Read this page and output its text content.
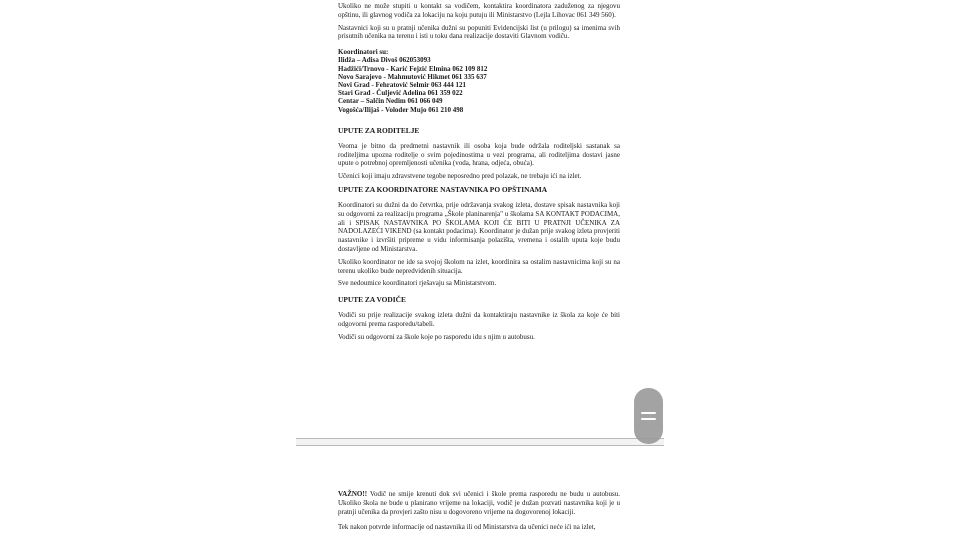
Ukoliko ne može stupiti u kontakt sa vodičem, kontaktira koordinatora zaduženog za njegovu opštinu, ili glavnog vodiča za lokaciju na koju putuju ili Ministarstvo (Lejla Lihovac 061 349 560).

Nastavnici koji su u pratnji učenika dužni su popuniti Evidencijski list (u prilogu) sa imenima svih prisutnih učenika na terenu i isti u toku dana realizacije dostaviti Glavnom vodiču.

Koordinatori su:

Ilidža – Adisa Divoš 062053093

Hadžići/Trnovo - Karić Fejzić Elmina 062 109 812

Novo Sarajevo - Mahmutović Hikmet 061 335 637

Novi Grad - Fehratović Selmir 063 444 121

Stari Grad - Čuljević Adelina 061 359 022

Centar – Salčin Nedim 061 066 049

Vogošća/Ilijaš - Voloder Mujo 061 210 498

UPUTE ZA RODITELJE

Veoma je bitno da predmetni nastavnik ili osoba koja bude održala roditeljski sastanak sa roditeljima upozna roditelje o svim pojedinostima u vezi programa, ali roditeljima dostavi jasne upute o potrebnoj opremljenosti učenika (voda, hrana, odjeća, obuća).

Učenici koji imaju zdravstvene tegobe neposredno pred polazak, ne trebaju ići na izlet.

UPUTE ZA KOORDINATORE NASTAVNIKA PO OPŠTINAMA

Koordinatori su dužni da do četvrtka, prije održavanja svakog izleta, dostave spisak nastavnika koji su odgovorni za realizaciju programa „Škole planinarenja" u školama SA KONTAKT PODACIMA, ali i SPISAK NASTAVNIKA PO ŠKOLAMA KOJI ĆE BITI U PRATNJI UČENIKA ZA NADOLAZEĆI VIKEND (sa kontakt podacima). Koordinator je dužan prije svakog izleta provjeriti nastavnike i izvršiti pripreme u vidu informisanja polazišta, vremena i ostalih uputa koje budu dostavljene od Ministarstva.

Ukoliko koordinator ne ide sa svojoj školom na izlet, koordinira sa ostalim nastavnicima koji su na terenu ukoliko bude nepredvidenih situacija.

Sve nedoumice koordinatori rješavaju sa Ministarstvom.

UPUTE ZA VODIČE

Vodiči su prije realizacije svakog izleta dužni da kontaktiraju nastavnike iz škola za koje će biti odgovorni prema rasporedu/tabeli.

Vodiči su odgovorni za škole koje po rasporedu idu s njim u autobusu.

VAŽNO!! Vodič ne smije krenuti dok svi učenici i škole prema rasporedu ne budu u autobusu. Ukoliko škola ne bude u planirano vrijeme na lokaciji, vodič je dužan pozvati nastavnika koji je u pratnji učenika da provjeri zašto nisu u dogovoreno vrijeme na dogovorenoj lokaciji.

Tek nakon potvrde informacije od nastavnika ili od Ministarstva da učenici neće ići na izlet,
